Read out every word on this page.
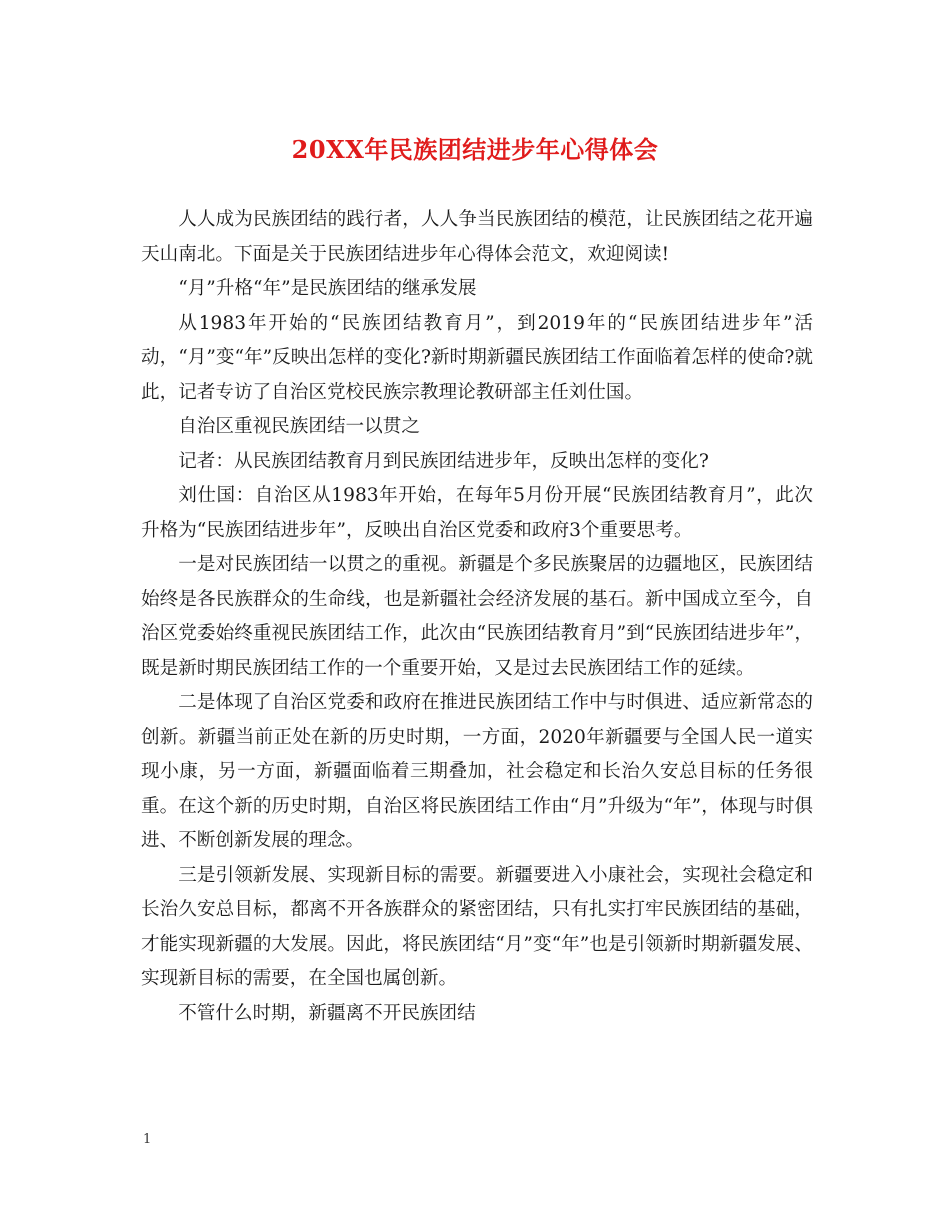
20XX年民族团结进步年心得体会

人人成为民族团结的践行者，人人争当民族团结的模范，让民族团结之花开遍天山南北。下面是关于民族团结进步年心得体会范文，欢迎阅读!

“月”升格“年”是民族团结的继承发展

从1983年开始的“民族团结教育月”，到2019年的“民族团结进步年”活动，“月”变“年”反映出怎样的变化?新时期新疆民族团结工作面临着怎样的使命?就此，记者专访了自治区党校民族宗教理论教研部主任刘仕国。

自治区重视民族团结一以贯之

记者：从民族团结教育月到民族团结进步年，反映出怎样的变化?

刘仕国：自治区从1983年开始，在每年5月份开展“民族团结教育月”，此次升格为“民族团结进步年”，反映出自治区党委和政府3个重要思考。

一是对民族团结一以贯之的重视。新疆是个多民族聚居的边疆地区，民族团结始终是各民族群众的生命线，也是新疆社会经济发展的基石。新中国成立至今，自治区党委始终重视民族团结工作，此次由“民族团结教育月”到“民族团结进步年”，既是新时期民族团结工作的一个重要开始，又是过去民族团结工作的延续。

二是体现了自治区党委和政府在推进民族团结工作中与时俱进、适应新常态的创新。新疆当前正处在新的历史时期，一方面，2020年新疆要与全国人民一道实现小康，另一方面，新疆面临着三期叠加，社会稳定和长治久安总目标的任务很重。在这个新的历史时期，自治区将民族团结工作由“月”升级为“年”，体现与时俱进、不断创新发展的理念。

三是引领新发展、实现新目标的需要。新疆要进入小康社会，实现社会稳定和长治久安总目标，都离不开各族群众的紧密团结，只有扎实打牢民族团结的基础，才能实现新疆的大发展。因此，将民族团结“月”变“年”也是引领新时期新疆发展、实现新目标的需要，在全国也属创新。

不管什么时期，新疆离不开民族团结

1
